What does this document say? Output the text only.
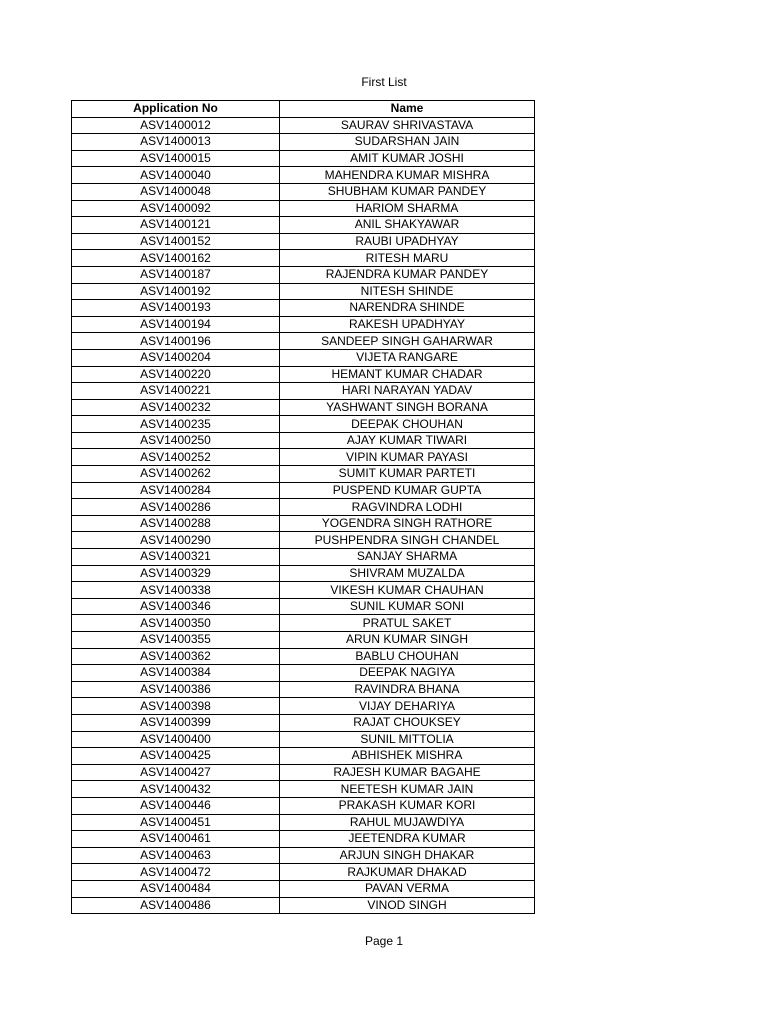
First List
Application No	Name
ASV1400012	SAURAV SHRIVASTAVA
ASV1400013	SUDARSHAN JAIN
ASV1400015	AMIT KUMAR JOSHI
ASV1400040	MAHENDRA KUMAR MISHRA
ASV1400048	SHUBHAM KUMAR PANDEY
ASV1400092	HARIOM SHARMA
ASV1400121	ANIL SHAKYAWAR
ASV1400152	RAUBI UPADHYAY
ASV1400162	RITESH MARU
ASV1400187	RAJENDRA KUMAR PANDEY
ASV1400192	NITESH SHINDE
ASV1400193	NARENDRA SHINDE
ASV1400194	RAKESH UPADHYAY
ASV1400196	SANDEEP SINGH GAHARWAR
ASV1400204	VIJETA RANGARE
ASV1400220	HEMANT KUMAR CHADAR
ASV1400221	HARI NARAYAN YADAV
ASV1400232	YASHWANT SINGH BORANA
ASV1400235	DEEPAK CHOUHAN
ASV1400250	AJAY KUMAR TIWARI
ASV1400252	VIPIN KUMAR PAYASI
ASV1400262	SUMIT KUMAR PARTETI
ASV1400284	PUSPEND KUMAR GUPTA
ASV1400286	RAGVINDRA LODHI
ASV1400288	YOGENDRA SINGH RATHORE
ASV1400290	PUSHPENDRA SINGH CHANDEL
ASV1400321	SANJAY SHARMA
ASV1400329	SHIVRAM MUZALDA
ASV1400338	VIKESH KUMAR CHAUHAN
ASV1400346	SUNIL KUMAR SONI
ASV1400350	PRATUL SAKET
ASV1400355	ARUN KUMAR SINGH
ASV1400362	BABLU CHOUHAN
ASV1400384	DEEPAK NAGIYA
ASV1400386	RAVINDRA BHANA
ASV1400398	VIJAY DEHARIYA
ASV1400399	RAJAT CHOUKSEY
ASV1400400	SUNIL MITTOLIA
ASV1400425	ABHISHEK MISHRA
ASV1400427	RAJESH KUMAR BAGAHE
ASV1400432	NEETESH KUMAR JAIN
ASV1400446	PRAKASH KUMAR KORI
ASV1400451	RAHUL MUJAWDIYA
ASV1400461	JEETENDRA KUMAR
ASV1400463	ARJUN SINGH DHAKAR
ASV1400472	RAJKUMAR DHAKAD
ASV1400484	PAVAN VERMA
ASV1400486	VINOD SINGH
Page 1
